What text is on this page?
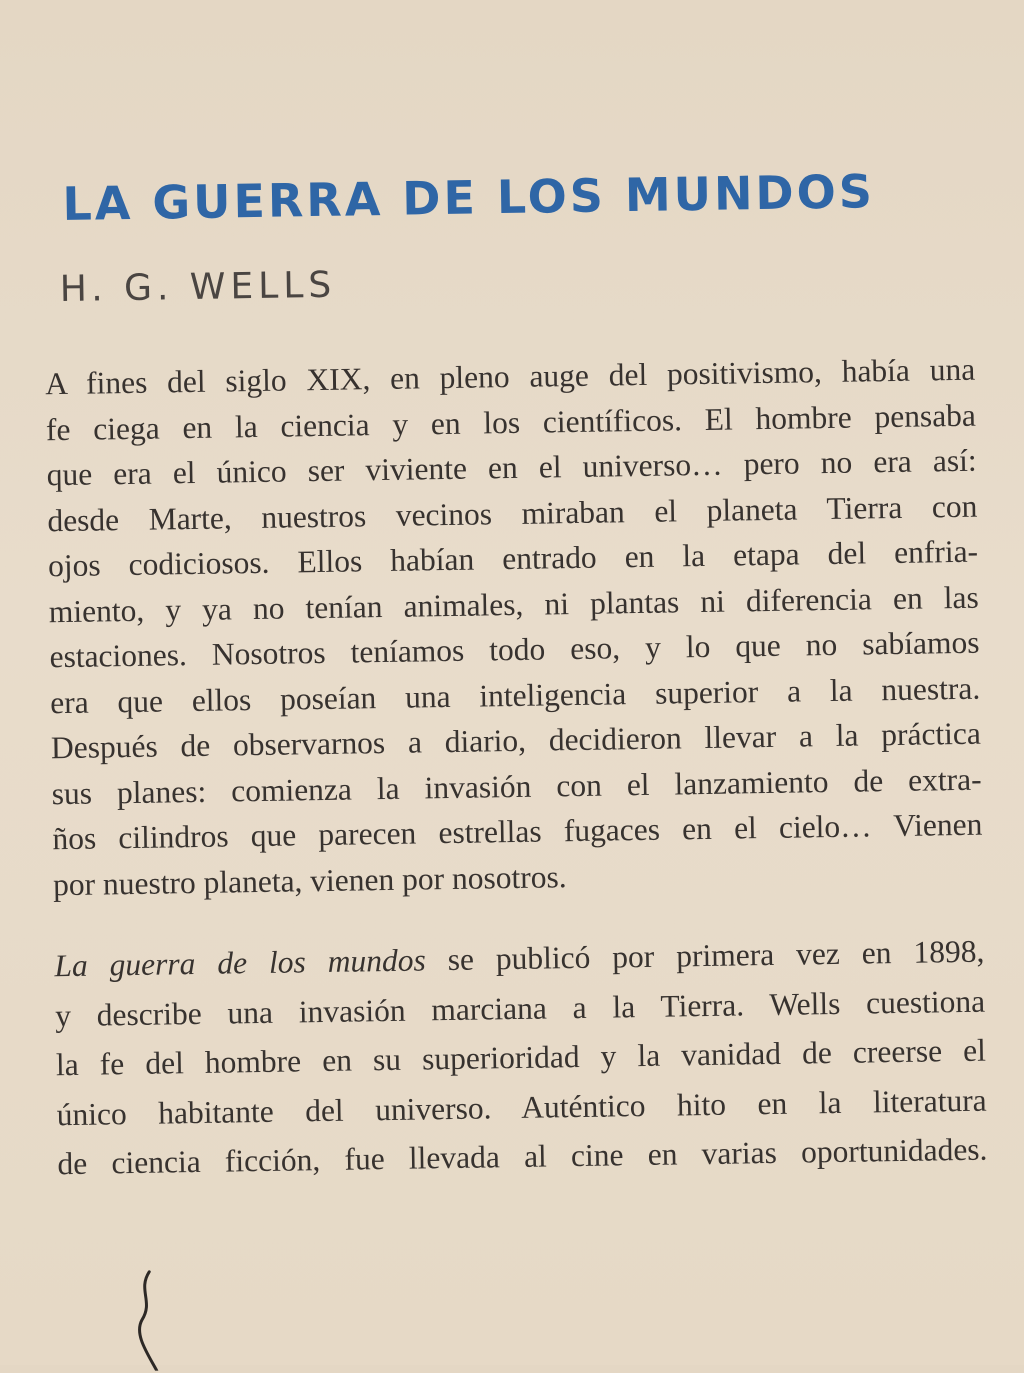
LA GUERRA DE LOS MUNDOS
H. G. WELLS

A fines del siglo XIX, en pleno auge del positivismo, había una
fe ciega en la ciencia y en los científicos. El hombre pensaba
que era el único ser viviente en el universo… pero no era así:
desde Marte, nuestros vecinos miraban el planeta Tierra con
ojos codiciosos. Ellos habían entrado en la etapa del enfria-
miento, y ya no tenían animales, ni plantas ni diferencia en las
estaciones. Nosotros teníamos todo eso, y lo que no sabíamos
era que ellos poseían una inteligencia superior a la nuestra.
Después de observarnos a diario, decidieron llevar a la práctica
sus planes: comienza la invasión con el lanzamiento de extra-
ños cilindros que parecen estrellas fugaces en el cielo… Vienen
por nuestro planeta, vienen por nosotros.

La guerra de los mundos se publicó por primera vez en 1898,
y describe una invasión marciana a la Tierra. Wells cuestiona
la fe del hombre en su superioridad y la vanidad de creerse el
único habitante del universo. Auténtico hito en la literatura
de ciencia ficción, fue llevada al cine en varias oportunidades.
